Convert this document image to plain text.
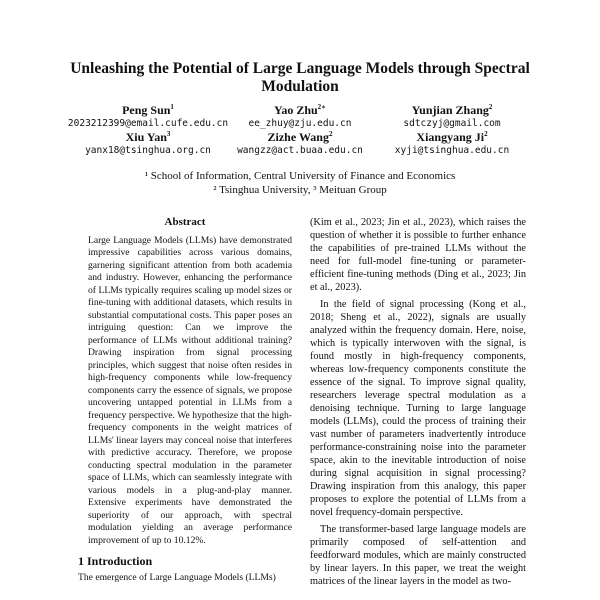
Unleashing the Potential of Large Language Models through Spectral Modulation
Peng Sun$^1$
2023212399@email.cufe.edu.cn
Yao Zhu$^{2∗}$
ee_zhuy@zju.edu.cn
Yunjian Zhang$^2$
sdtczyj@gmail.com
Xiu Yan$^3$
yanx18@tsinghua.org.cn
Zizhe Wang$^2$
wangzz@act.buaa.edu.cn
Xiangyang Ji$^2$
xyji@tsinghua.edu.cn
¹ School of Information, Central University of Finance and Economics
² Tsinghua University, ³ Meituan Group
Abstract

Large Language Models (LLMs) have demonstrated impressive capabilities across various domains, garnering significant attention from both academia and industry. However, enhancing the performance of LLMs typically requires scaling up model sizes or fine-tuning with additional datasets, which results in substantial computational costs. This paper poses an intriguing question: Can we improve the performance of LLMs without additional training? Drawing inspiration from signal processing principles, which suggest that noise often resides in high-frequency components while low-frequency components carry the essence of signals, we propose uncovering untapped potential in LLMs from a frequency perspective. We hypothesize that the high-frequency components in the weight matrices of LLMs' linear layers may conceal noise that interferes with predictive accuracy. Therefore, we propose conducting spectral modulation in the parameter space of LLMs, which can seamlessly integrate with various models in a plug-and-play manner. Extensive experiments have demonstrated the superiority of our approach, with spectral modulation yielding an average performance improvement of up to 10.12%.

1 Introduction

The emergence of Large Language Models (LLMs)

(Kim et al., 2023; Jin et al., 2023), which raises the question of whether it is possible to further enhance the capabilities of pre-trained LLMs without the need for full-model fine-tuning or parameter-efficient fine-tuning methods (Ding et al., 2023; Jin et al., 2023).

In the field of signal processing (Kong et al., 2018; Sheng et al., 2022), signals are usually analyzed within the frequency domain. Here, noise, which is typically interwoven with the signal, is found mostly in high-frequency components, whereas low-frequency components constitute the essence of the signal. To improve signal quality, researchers leverage spectral modulation as a denoising technique. Turning to large language models (LLMs), could the process of training their vast number of parameters inadvertently introduce performance-constraining noise into the parameter space, akin to the inevitable introduction of noise during signal acquisition in signal processing? Drawing inspiration from this analogy, this paper proposes to explore the potential of LLMs from a novel frequency-domain perspective.

The transformer-based large language models are primarily composed of self-attention and feedforward modules, which are mainly constructed by linear layers. In this paper, we treat the weight matrices of the linear layers in the model as two-
